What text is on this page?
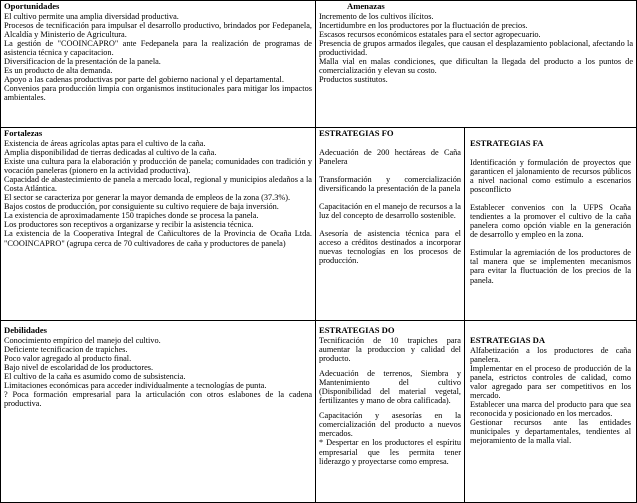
Oportunidades

El cultivo permite una amplia diversidad productiva.

Procesos de tecnificación para impulsar el desarrollo productivo, brindados por Fedepanela, Alcaldía y Ministerio de Agricultura.

La gestión de "COOINCAPRO" ante Fedepanela para la realización de programas de asistencia técnica y capacitacion.

Diversificacion de la presentación de la panela.

Es un producto de alta demanda.

Apoyo a las cadenas productivas por parte del gobierno nacional y el departamental.

Convenios para producción limpia con organismos institucionales para mitigar los impactos ambientales.

Amenazas

Incremento de los cultivos ilícitos.

Incertidumbre en los productores por la fluctuación de precios.

Escasos recursos económicos estatales para el sector agropecuario.

Presencia de grupos armados ilegales, que causan el desplazamiento poblacional, afectando la productividad.

Malla vial en malas condiciones, que dificultan la llegada del producto a los puntos de comercialización y elevan su costo.

Productos sustitutos.

Fortalezas

Existencia de áreas agrícolas aptas para el cultivo de la caña.

Amplia disponibilidad de tierras dedicadas al cultivo de la caña.

Existe una cultura para la elaboración y producción de panela; comunidades con tradición y vocación paneleras (pionero en la actividad productiva).

Capacidad de abastecimiento de panela a mercado local, regional y municipios aledaños a la Costa Atlántica.

El sector se caracteriza por generar la mayor demanda de empleos de la zona (37.3%).

Bajos costos de producción, por consiguiente su cultivo requiere de baja inversión.

La existencia de aproximadamente 150 trapiches donde se procesa la panela.

Los productores son receptivos a organizarse y recibir la asistencia técnica.

La existencia de la Cooperativa Integral de Cañicultores de la Provincia de Ocaña Ltda. "COOINCAPRO" (agrupa cerca de 70 cultivadores de caña y productores de panela)

ESTRATEGIAS FO

Adecuación de 200 hectáreas de Caña Panelera

Transformación y comercialización diversificando la presentación de la panela

Capacitación en el manejo de recursos a la luz del concepto de desarrollo sostenible.

Asesoría de asistencia técnica para el acceso a créditos destinados a incorporar nuevas tecnologías en los procesos de producción.

ESTRATEGIAS FA

Identificación y formulación de proyectos que garanticen el jalonamiento de recursos públicos a nivel nacional como estímulo a escenarios posconflicto

Establecer convenios con la UFPS Ocaña tendientes a la promover el cultivo de la caña panelera como opción viable en la generación de desarrollo y empleo en la zona.

Estimular la agremiación de los productores de tal manera que se implementen mecanismos para evitar la fluctuación de los precios de la panela.

Debilidades

Conocimiento empírico del manejo del cultivo.

Deficiente tecnificacion de trapiches.

Poco valor agregado al producto final.

Bajo nivel de escolaridad de los productores.

El cultivo de la caña es asumido como de subsistencia.

Limitaciones económicas para acceder individualmente a tecnologías de punta.

? Poca formación empresarial para la articulación con otros eslabones de la cadena productiva.

ESTRATEGIAS DO

Tecnificación de 10 trapiches para aumentar la produccion y calidad del producto.

Adecuación de terrenos, Siembra y Mantenimiento del cultivo (Disponibilidad del material vegetal, fertilizantes y mano de obra calificada).

Capacitación y asesorías en la comercialización del producto a nuevos mercados.

* Despertar en los productores el espíritu empresarial que les permita tener liderazgo y proyectarse como empresa.

ESTRATEGIAS DA

Alfabetización a los productores de caña panelera.

Implementar en el proceso de producción de la panela, estrictos controles de calidad, como valor agregado para ser competitivos en los mercado.

Establecer una marca del producto para que sea reconocida y posicionado en los mercados.

Gestionar recursos ante las entidades municipales y departamentales, tendientes al mejoramiento de la malla vial.
